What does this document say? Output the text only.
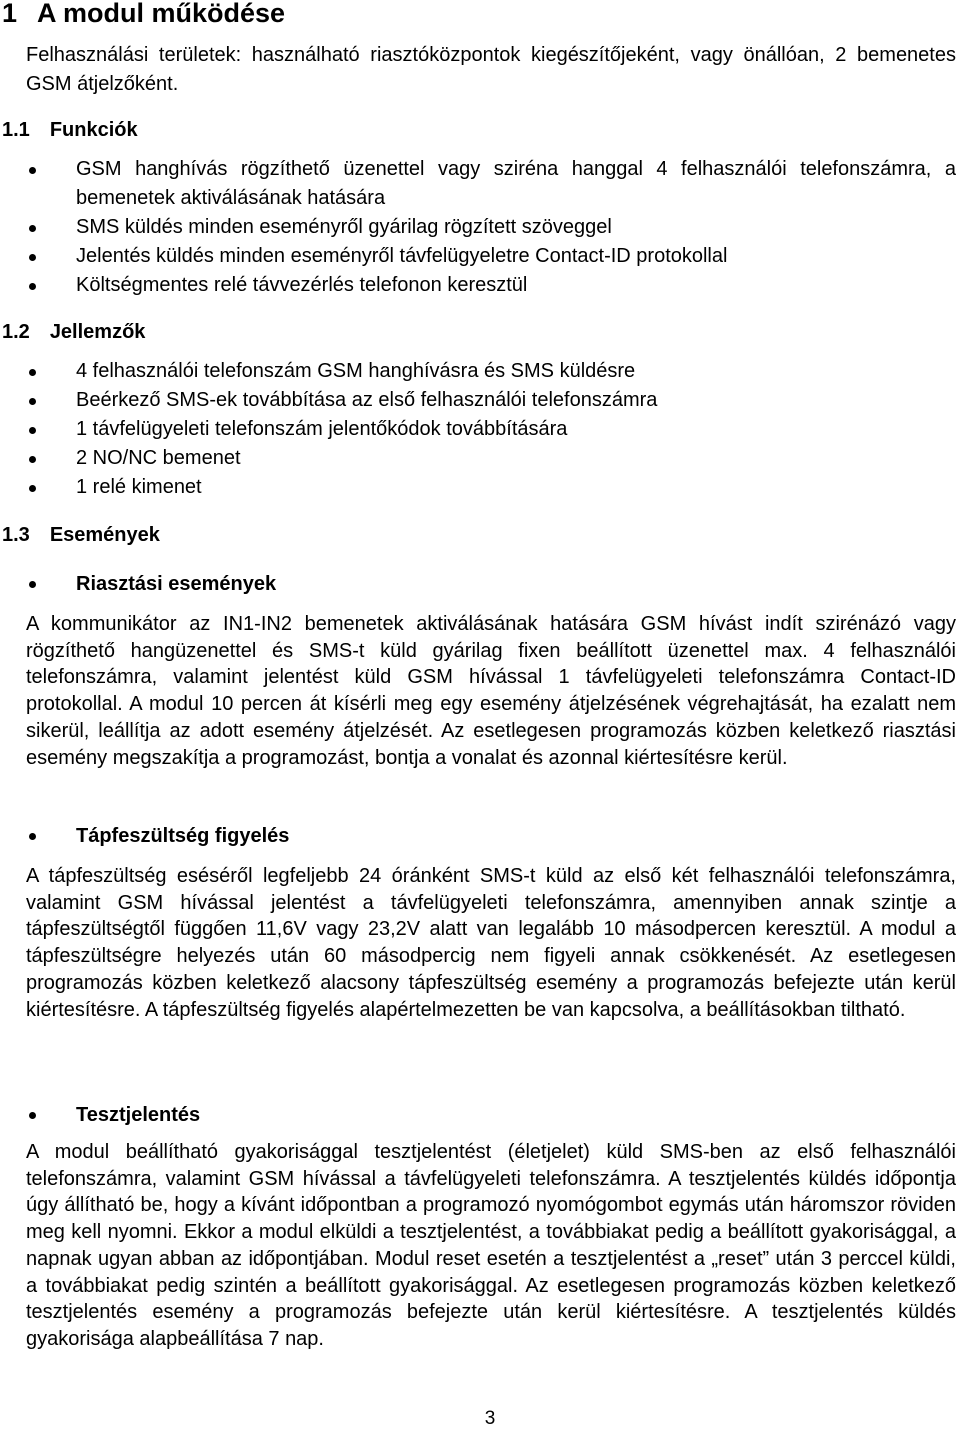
1 A modul működése

Felhasználási területek: használható riasztóközpontok kiegészítőjeként, vagy önállóan, 2 bemenetes GSM átjelzőként.

1.1 Funkciók
GSM hanghívás rögzíthető üzenettel vagy sziréna hanggal 4 felhasználói telefonszámra, a bemenetek aktiválásának hatására
SMS küldés minden eseményről gyárilag rögzített szöveggel
Jelentés küldés minden eseményről távfelügyeletre Contact-ID protokollal
Költségmentes relé távvezérlés telefonon keresztül
1.2 Jellemzők
4 felhasználói telefonszám GSM hanghívásra és SMS küldésre
Beérkező SMS-ek továbbítása az első felhasználói telefonszámra
1 távfelügyeleti telefonszám jelentőkódok továbbítására
2 NO/NC bemenet
1 relé kimenet
1.3 Események
Riasztási események

A kommunikátor az IN1-IN2 bemenetek aktiválásának hatására GSM hívást indít szirénázó vagy rögzíthető hangüzenettel és SMS-t küld gyárilag fixen beállított üzenettel max. 4 felhasználói telefonszámra, valamint jelentést küld GSM hívással 1 távfelügyeleti telefonszámra Contact-ID protokollal. A modul 10 percen át kísérli meg egy esemény átjelzésének végrehajtását, ha ezalatt nem sikerül, leállítja az adott esemény átjelzését. Az esetlegesen programozás közben keletkező riasztási esemény megszakítja a programozást, bontja a vonalat és azonnal kiértesítésre kerül.

Tápfeszültség figyelés

A tápfeszültség eséséről legfeljebb 24 óránként SMS-t küld az első két felhasználói telefonszámra, valamint GSM hívással jelentést a távfelügyeleti telefonszámra, amennyiben annak szintje a tápfeszültségtől függően 11,6V vagy 23,2V alatt van legalább 10 másodpercen keresztül. A modul a tápfeszültségre helyezés után 60 másodpercig nem figyeli annak csökkenését. Az esetlegesen programozás közben keletkező alacsony tápfeszültség esemény a programozás befejezte után kerül kiértesítésre. A tápfeszültség figyelés alapértelmezetten be van kapcsolva, a beállításokban tiltható.

Tesztjelentés

A modul beállítható gyakorisággal tesztjelentést (életjelet) küld SMS-ben az első felhasználói telefonszámra, valamint GSM hívással a távfelügyeleti telefonszámra. A tesztjelentés küldés időpontja úgy állítható be, hogy a kívánt időpontban a programozó nyomógombot egymás után háromszor röviden meg kell nyomni. Ekkor a modul elküldi a tesztjelentést, a továbbiakat pedig a beállított gyakorisággal, a napnak ugyan abban az időpontjában. Modul reset esetén a tesztjelentést a „reset” után 3 perccel küldi, a továbbiakat pedig szintén a beállított gyakorisággal. Az esetlegesen programozás közben keletkező tesztjelentés esemény a programozás befejezte után kerül kiértesítésre. A tesztjelentés küldés gyakorisága alapbeállítása 7 nap.

3
